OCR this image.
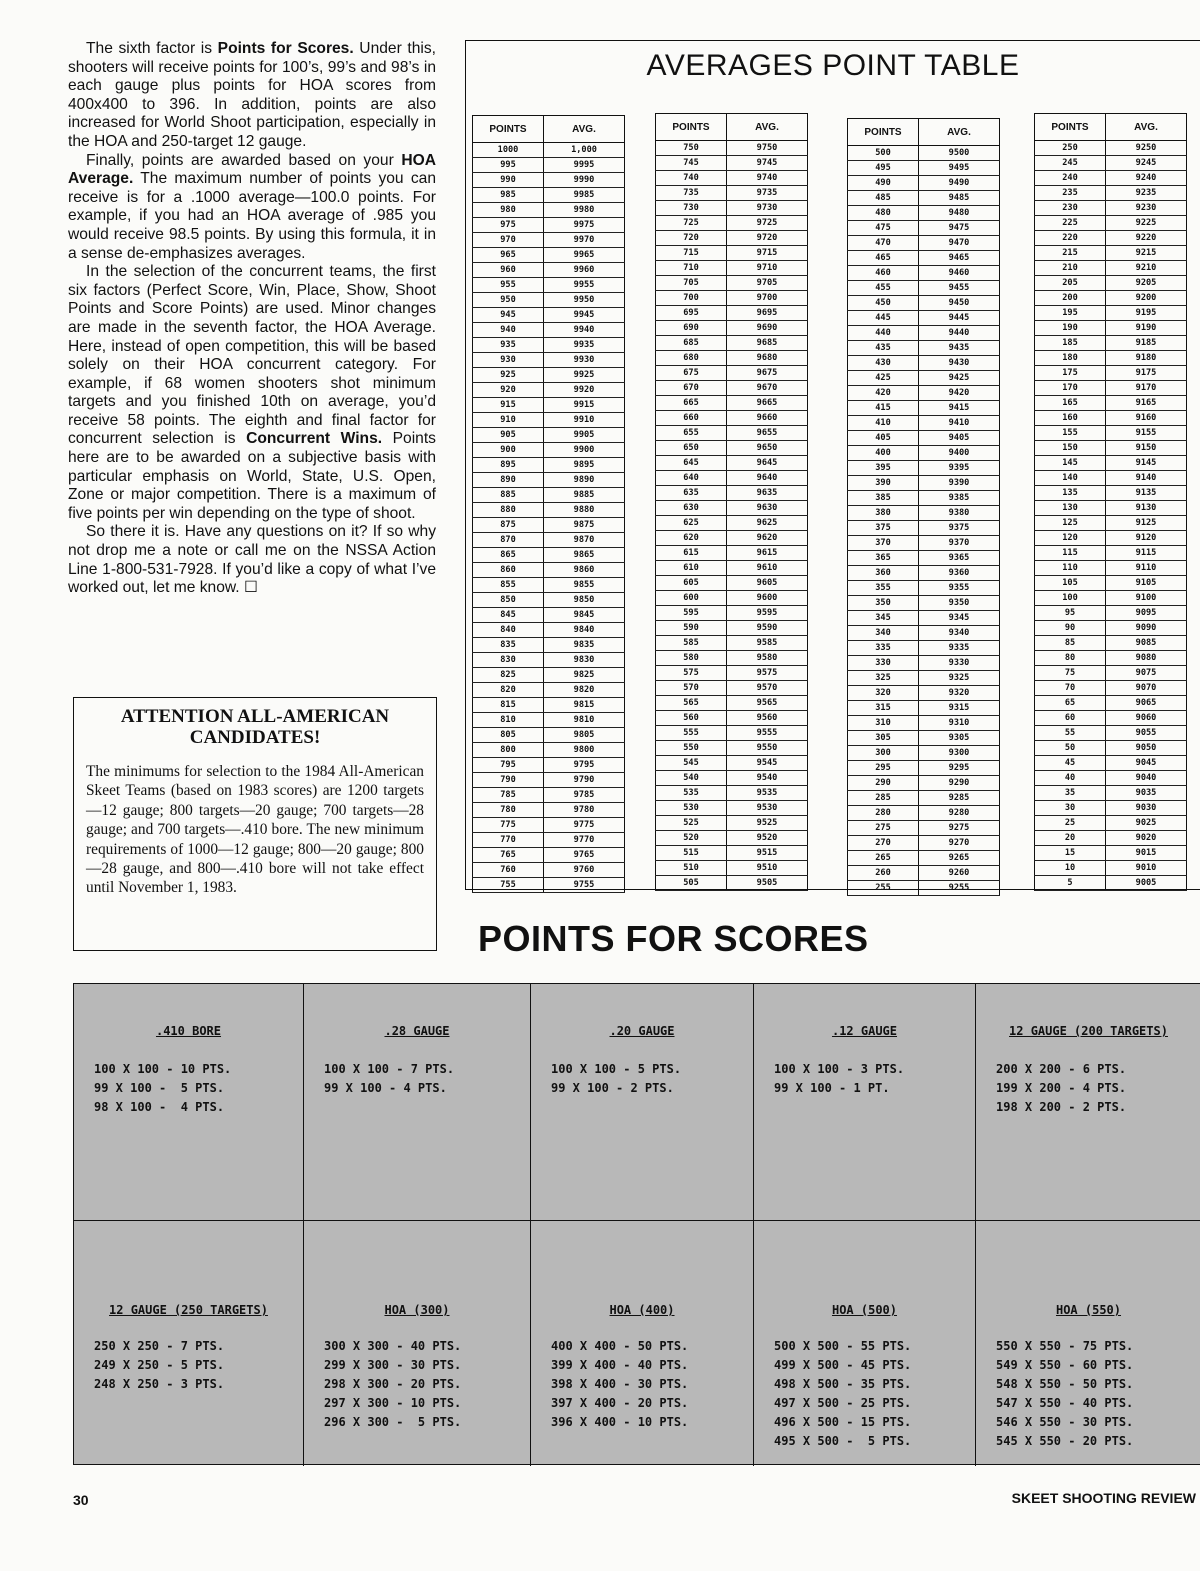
The sixth factor is Points for Scores. Under this, shooters will receive points for 100’s, 99’s and 98’s in each gauge plus points for HOA scores from 400x400 to 396. In addition, points are also increased for World Shoot participation, especially in the HOA and 250-target 12 gauge.

Finally, points are awarded based on your HOA Average. The maximum number of points you can receive is for a .1000 average—100.0 points. For example, if you had an HOA average of .985 you would receive 98.5 points. By using this formula, it in a sense de-emphasizes averages.

In the selection of the concurrent teams, the first six factors (Perfect Score, Win, Place, Show, Shoot Points and Score Points) are used. Minor changes are made in the seventh factor, the HOA Average. Here, instead of open competition, this will be based solely on their HOA concurrent category. For example, if 68 women shooters shot minimum targets and you finished 10th on average, you’d receive 58 points. The eighth and final factor for concurrent selection is Concurrent Wins. Points here are to be awarded on a subjective basis with particular emphasis on World, State, U.S. Open, Zone or major competition. There is a maximum of five points per win depending on the type of shoot.

So there it is. Have any questions on it? If so why not drop me a note or call me on the NSSA Action Line 1-800-531-7928. If you’d like a copy of what I’ve worked out, let me know. ☐

ATTENTION ALL-AMERICAN CANDIDATES!

The minimums for selection to the 1984 All-American Skeet Teams (based on 1983 scores) are 1200 targets—12 gauge; 800 targets—20 gauge; 700 targets—28 gauge; and 700 targets—.410 bore. The new minimum requirements of 1000—12 gauge; 800—20 gauge; 800—28 gauge, and 800—.410 bore will not take effect until November 1, 1983.

AVERAGES POINT TABLE
POINTS	AVG.
1000	1,000
995	9995
990	9990
985	9985
980	9980
975	9975
970	9970
965	9965
960	9960
955	9955
950	9950
945	9945
940	9940
935	9935
930	9930
925	9925
920	9920
915	9915
910	9910
905	9905
900	9900
895	9895
890	9890
885	9885
880	9880
875	9875
870	9870
865	9865
860	9860
855	9855
850	9850
845	9845
840	9840
835	9835
830	9830
825	9825
820	9820
815	9815
810	9810
805	9805
800	9800
795	9795
790	9790
785	9785
780	9780
775	9775
770	9770
765	9765
760	9760
755	9755
POINTS	AVG.
750	9750
745	9745
740	9740
735	9735
730	9730
725	9725
720	9720
715	9715
710	9710
705	9705
700	9700
695	9695
690	9690
685	9685
680	9680
675	9675
670	9670
665	9665
660	9660
655	9655
650	9650
645	9645
640	9640
635	9635
630	9630
625	9625
620	9620
615	9615
610	9610
605	9605
600	9600
595	9595
590	9590
585	9585
580	9580
575	9575
570	9570
565	9565
560	9560
555	9555
550	9550
545	9545
540	9540
535	9535
530	9530
525	9525
520	9520
515	9515
510	9510
505	9505
POINTS	AVG.
500	9500
495	9495
490	9490
485	9485
480	9480
475	9475
470	9470
465	9465
460	9460
455	9455
450	9450
445	9445
440	9440
435	9435
430	9430
425	9425
420	9420
415	9415
410	9410
405	9405
400	9400
395	9395
390	9390
385	9385
380	9380
375	9375
370	9370
365	9365
360	9360
355	9355
350	9350
345	9345
340	9340
335	9335
330	9330
325	9325
320	9320
315	9315
310	9310
305	9305
300	9300
295	9295
290	9290
285	9285
280	9280
275	9275
270	9270
265	9265
260	9260
255	9255
POINTS	AVG.
250	9250
245	9245
240	9240
235	9235
230	9230
225	9225
220	9220
215	9215
210	9210
205	9205
200	9200
195	9195
190	9190
185	9185
180	9180
175	9175
170	9170
165	9165
160	9160
155	9155
150	9150
145	9145
140	9140
135	9135
130	9130
125	9125
120	9120
115	9115
110	9110
105	9105
100	9100
95	9095
90	9090
85	9085
80	9080
75	9075
70	9070
65	9065
60	9060
55	9055
50	9050
45	9045
40	9040
35	9035
30	9030
25	9025
20	9020
15	9015
10	9010
5	9005
POINTS FOR SCORES
.410 BORE
100 X 100 - 10 PTS.
99 X 100 -  5 PTS.
98 X 100 -  4 PTS.
.28 GAUGE
100 X 100 - 7 PTS.
99 X 100 - 4 PTS.
.20 GAUGE
100 X 100 - 5 PTS.
99 X 100 - 2 PTS.
.12 GAUGE
100 X 100 - 3 PTS.
99 X 100 - 1 PT.
12 GAUGE (200 TARGETS)
200 X 200 - 6 PTS.
199 X 200 - 4 PTS.
198 X 200 - 2 PTS.
12 GAUGE (250 TARGETS)
250 X 250 - 7 PTS.
249 X 250 - 5 PTS.
248 X 250 - 3 PTS.
HOA (300)
300 X 300 - 40 PTS.
299 X 300 - 30 PTS.
298 X 300 - 20 PTS.
297 X 300 - 10 PTS.
296 X 300 -  5 PTS.
HOA (400)
400 X 400 - 50 PTS.
399 X 400 - 40 PTS.
398 X 400 - 30 PTS.
397 X 400 - 20 PTS.
396 X 400 - 10 PTS.
HOA (500)
500 X 500 - 55 PTS.
499 X 500 - 45 PTS.
498 X 500 - 35 PTS.
497 X 500 - 25 PTS.
496 X 500 - 15 PTS.
495 X 500 -  5 PTS.
HOA (550)
550 X 550 - 75 PTS.
549 X 550 - 60 PTS.
548 X 550 - 50 PTS.
547 X 550 - 40 PTS.
546 X 550 - 30 PTS.
545 X 550 - 20 PTS.
30	SKEET SHOOTING REVIEW
